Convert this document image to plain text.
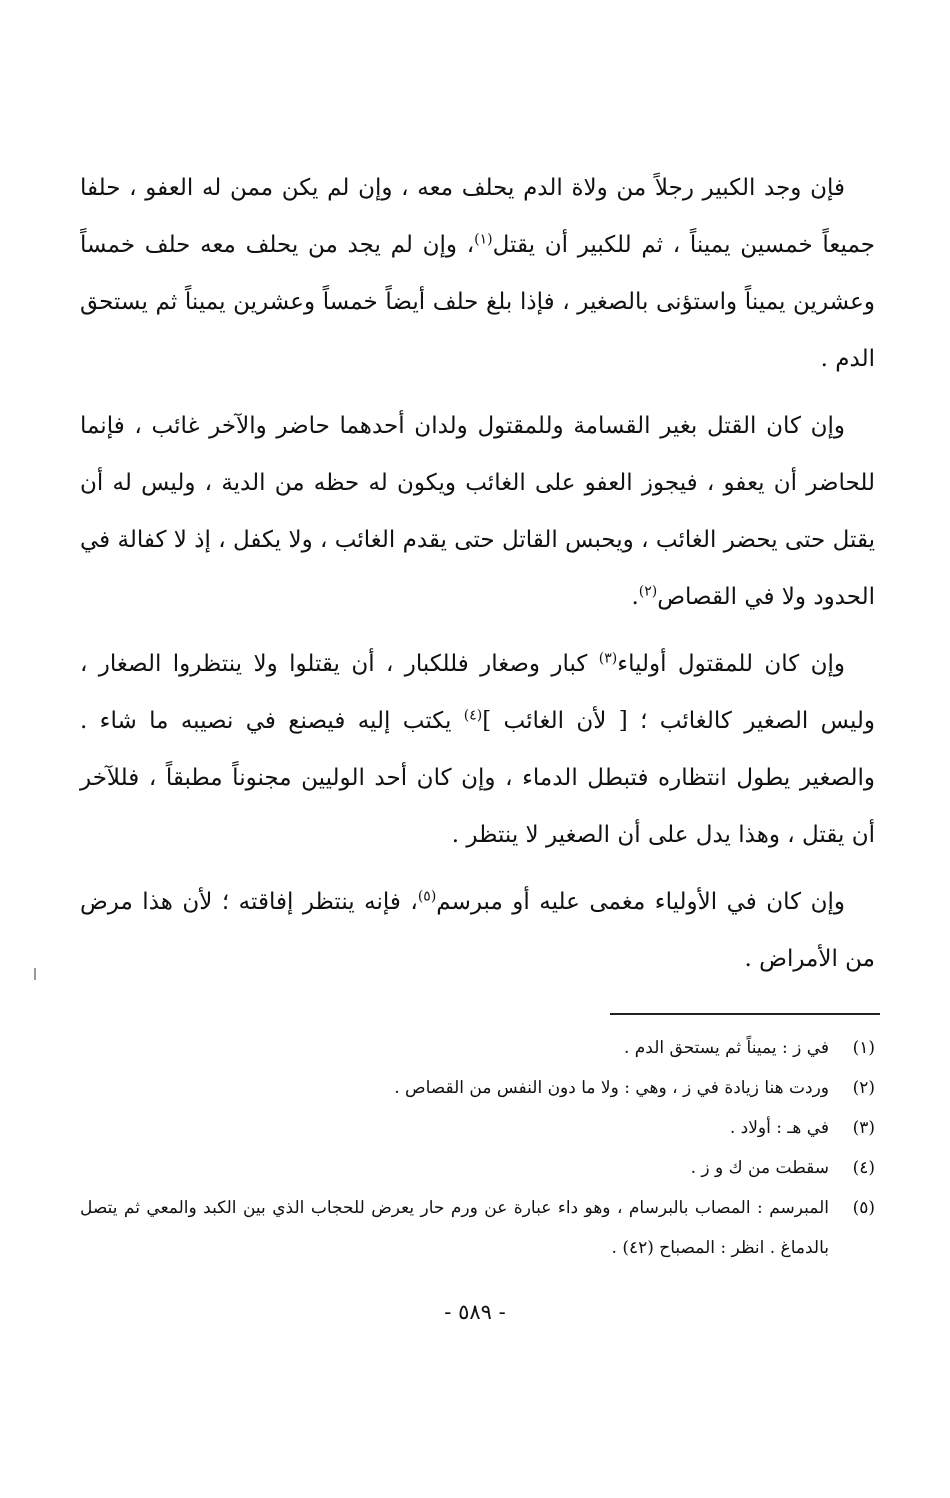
فإن وجد الكبير رجلاً من ولاة الدم يحلف معه ، وإن لم يكن ممن له العفو ، حلفا جميعاً خمسين يميناً ، ثم للكبير أن يقتل$^{(١)}$، وإن لم يجد من يحلف معه حلف خمساً وعشرين يميناً واستؤنى بالصغير ، فإذا بلغ حلف أيضاً خمساً وعشرين يميناً ثم يستحق الدم .

وإن كان القتل بغير القسامة وللمقتول ولدان أحدهما حاضر والآخر غائب ، فإنما للحاضر أن يعفو ، فيجوز العفو على الغائب ويكون له حظه من الدية ، وليس له أن يقتل حتى يحضر الغائب ، ويحبس القاتل حتى يقدم الغائب ، ولا يكفل ، إذ لا كفالة في الحدود ولا في القصاص$^{(٢)}$.

وإن كان للمقتول أولياء$^{(٣)}$ كبار وصغار فللكبار ، أن يقتلوا ولا ينتظروا الصغار ، وليس الصغير كالغائب ؛ [ لأن الغائب ]$^{(٤)}$ يكتب إليه فيصنع في نصيبه ما شاء . والصغير يطول انتظاره فتبطل الدماء ، وإن كان أحد الوليين مجنوناً مطبقاً ، فللآخر أن يقتل ، وهذا يدل على أن الصغير لا ينتظر .

وإن كان في الأولياء مغمى عليه أو مبرسم$^{(٥)}$، فإنه ينتظر إفاقته ؛ لأن هذا مرض من الأمراض .

(١)
في ز : يميناً ثم يستحق الدم .
(٢)
وردت هنا زيادة في ز ، وهي : ولا ما دون النفس من القصاص .
(٣)
في هـ : أولاد .
(٤)
سقطت من ك و ز .
(٥)
المبرسم : المصاب بالبرسام ، وهو داء عبارة عن ورم حار يعرض للحجاب الذي بين الكبد والمعي ثم يتصل بالدماغ . انظر : المصباح (٤٢) .
- ٥٨٩ -
